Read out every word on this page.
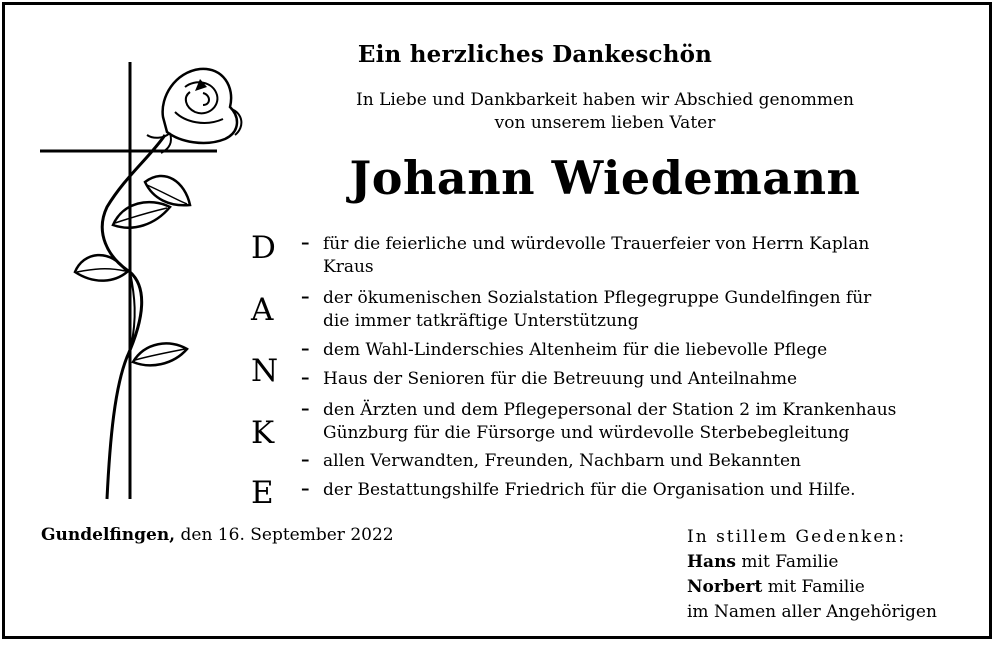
Ein herzliches Dankeschön
In Liebe und Dankbarkeit haben wir Abschied genommen
von unserem lieben Vater
Johann Wiedemann
D
A
N
K
E
– für die feierliche und würdevolle Trauerfeier von Herrn Kaplan
Kraus
– der ökumenischen Sozialstation Pflegegruppe Gundelfingen für
die immer tatkräftige Unterstützung
– dem Wahl-Linderschies Altenheim für die liebevolle Pflege
– Haus der Senioren für die Betreuung und Anteilnahme
– den Ärzten und dem Pflegepersonal der Station 2 im Krankenhaus
Günzburg für die Fürsorge und würdevolle Sterbebegleitung
– allen Verwandten, Freunden, Nachbarn und Bekannten
– der Bestattungshilfe Friedrich für die Organisation und Hilfe.
Gundelfingen, den 16. September 2022	In stillem Gedenken:
Hans mit Familie
Norbert mit Familie
im Namen aller Angehörigen
